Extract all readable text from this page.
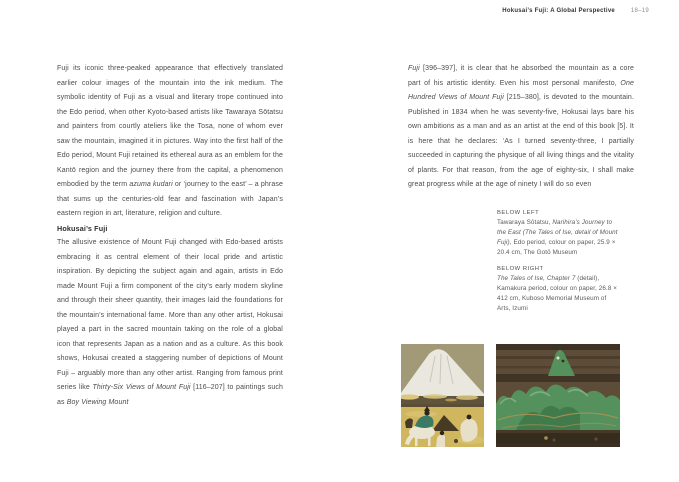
Hokusai’s Fuji: A Global Perspective	18–19

Fuji its iconic three-peaked appearance that effectively translated earlier colour images of the mountain into the ink medium. The symbolic identity of Fuji as a visual and literary trope continued into the Edo period, when other Kyoto-based artists like Tawaraya Sōtatsu and painters from courtly ateliers like the Tosa, none of whom ever saw the mountain, imagined it in pictures. Way into the first half of the Edo period, Mount Fuji retained its ethereal aura as an emblem for the Kantō region and the journey there from the capital, a phenomenon embodied by the term azuma kudari or ‘journey to the east’ – a phrase that sums up the centuries-old fear and fascination with Japan’s eastern region in art, literature, religion and culture.

Hokusai’s Fuji

The allusive existence of Mount Fuji changed with Edo-based artists embracing it as central element of their local pride and artistic inspiration. By depicting the subject again and again, artists in Edo made Mount Fuji a firm component of the city’s early modern skyline and through their sheer quantity, their images laid the foundations for the mountain’s international fame. More than any other artist, Hokusai played a part in the sacred mountain taking on the role of a global icon that represents Japan as a nation and as a culture. As this book shows, Hokusai created a staggering number of depictions of Mount Fuji – arguably more than any other artist. Ranging from famous print series like Thirty-Six Views of Mount Fuji [116–207] to paintings such as Boy Viewing Mount

Fuji [396–397], it is clear that he absorbed the mountain as a core part of his artistic identity. Even his most personal manifesto, One Hundred Views of Mount Fuji [215–380], is devoted to the mountain. Published in 1834 when he was seventy-five, Hokusai lays bare his own ambitions as a man and as an artist at the end of this book [5]. It is here that he declares: ‘As I turned seventy-three, I partially succeeded in capturing the physique of all living things and the vitality of plants. For that reason, from the age of eighty-six, I shall make great progress while at the age of ninety I will do so even

BELOW LEFT
Tawaraya Sōtatsu, Narihira’s Journey to the East (The Tales of Ise, detail of Mount Fuji), Edo period, colour on paper, 25.9 × 20.4 cm, The Gotō Museum

BELOW RIGHT
The Tales of Ise, Chapter 7 (detail), Kamakura period, colour on paper, 26.8 × 412 cm, Kuboso Memorial Museum of Arts, Izumi
